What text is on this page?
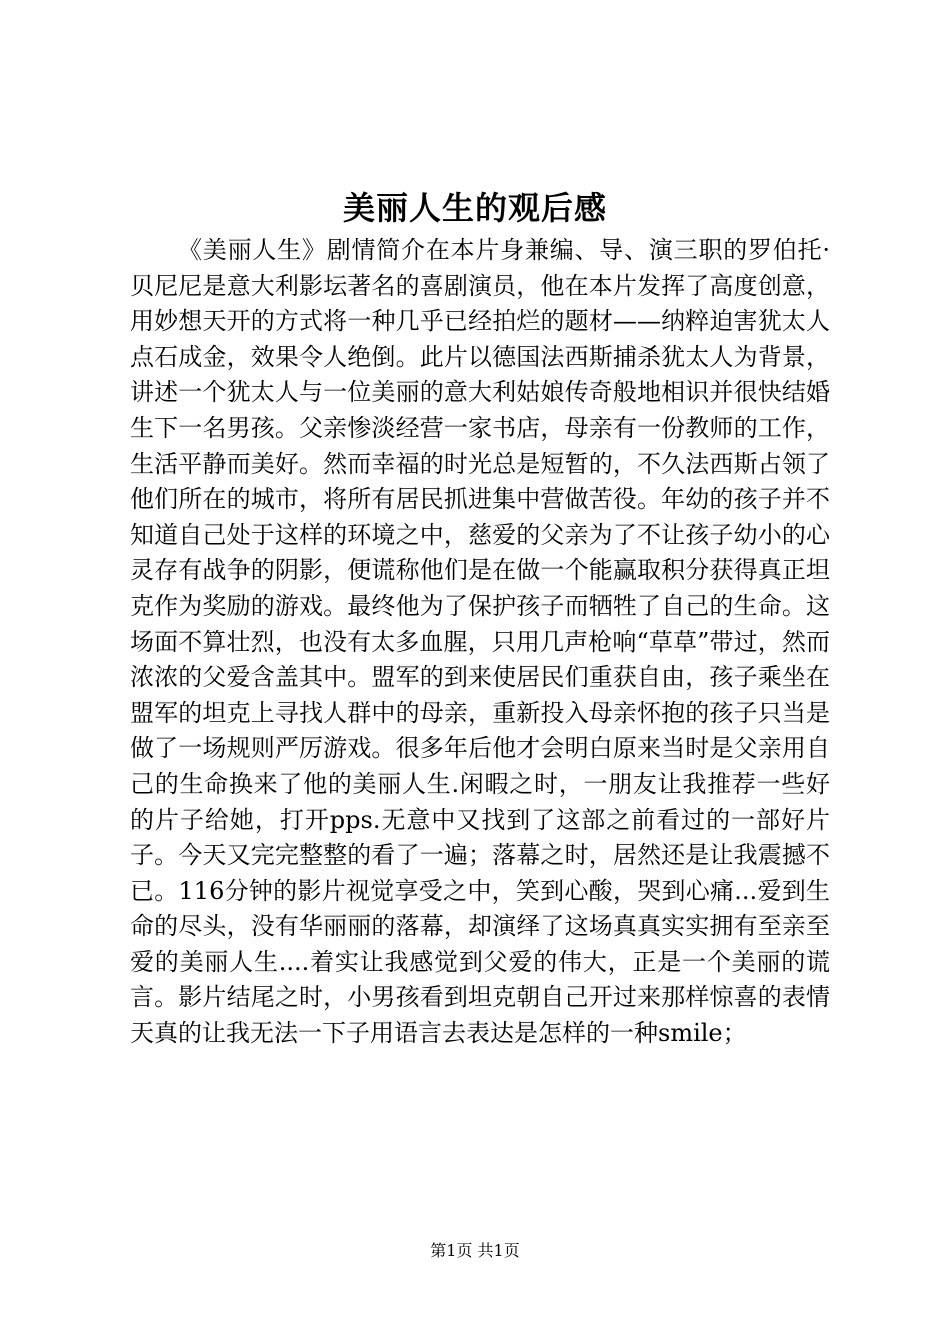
美丽人生的观后感

《美丽人生》剧情简介在本片身兼编、导、演三职的罗伯托·贝尼尼是意大利影坛著名的喜剧演员，他在本片发挥了高度创意，用妙想天开的方式将一种几乎已经拍烂的题材——纳粹迫害犹太人点石成金，效果令人绝倒。此片以德国法西斯捕杀犹太人为背景，讲述一个犹太人与一位美丽的意大利姑娘传奇般地相识并很快结婚生下一名男孩。父亲惨淡经营一家书店，母亲有一份教师的工作，生活平静而美好。然而幸福的时光总是短暂的，不久法西斯占领了他们所在的城市，将所有居民抓进集中营做苦役。年幼的孩子并不知道自己处于这样的环境之中，慈爱的父亲为了不让孩子幼小的心灵存有战争的阴影，便谎称他们是在做一个能赢取积分获得真正坦克作为奖励的游戏。最终他为了保护孩子而牺牲了自己的生命。这场面不算壮烈，也没有太多血腥，只用几声枪响“草草”带过，然而浓浓的父爱含盖其中。盟军的到来使居民们重获自由，孩子乘坐在盟军的坦克上寻找人群中的母亲，重新投入母亲怀抱的孩子只当是做了一场规则严厉游戏。很多年后他才会明白原来当时是父亲用自己的生命换来了他的美丽人生.闲暇之时，一朋友让我推荐一些好的片子给她，打开pps.无意中又找到了这部之前看过的一部好片子。今天又完完整整的看了一遍；落幕之时，居然还是让我震撼不已。116分钟的影片视觉享受之中，笑到心酸，哭到心痛...爱到生命的尽头，没有华丽丽的落幕，却演绎了这场真真实实拥有至亲至爱的美丽人生....着实让我感觉到父爱的伟大，正是一个美丽的谎言。影片结尾之时，小男孩看到坦克朝自己开过来那样惊喜的表情天真的让我无法一下子用语言去表达是怎样的一种smile；

第1页 共1页
